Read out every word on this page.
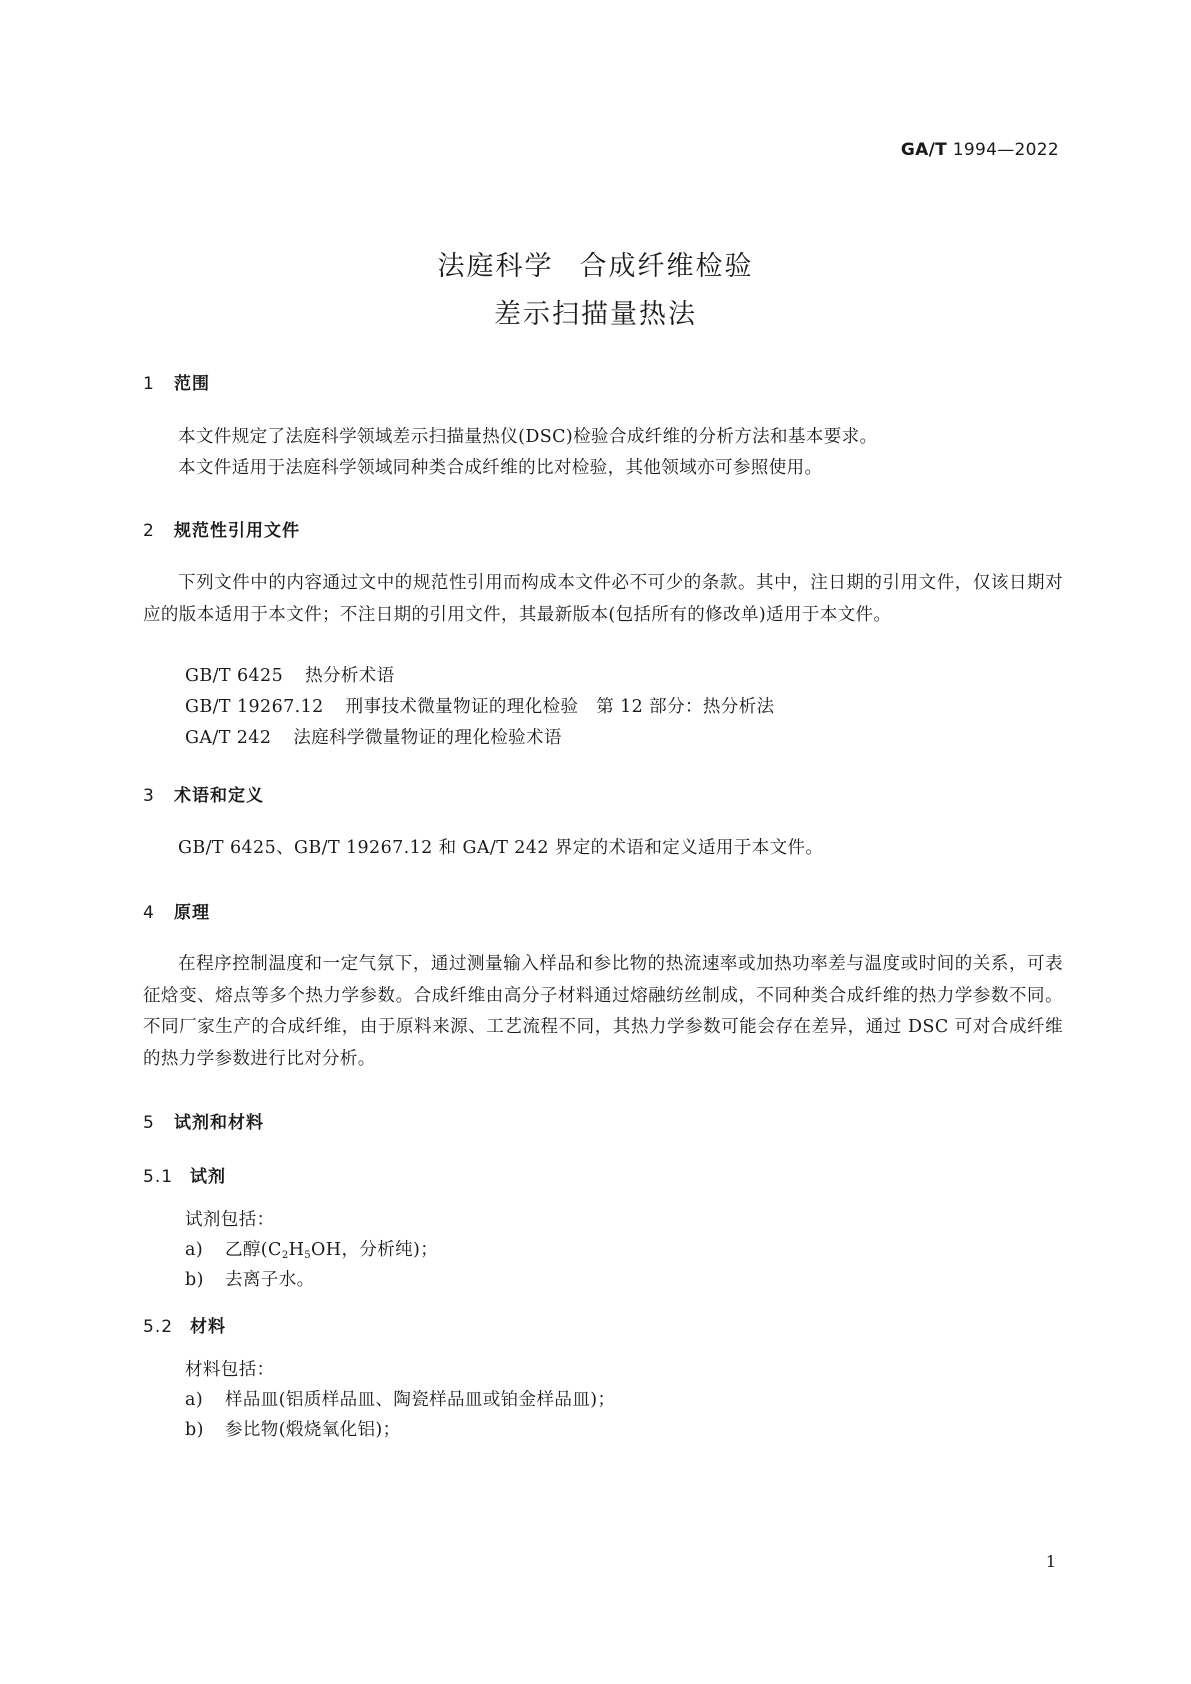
GA/T 1994—2022
法庭科学 合成纤维检验
差示扫描量热法
1 范围
本文件规定了法庭科学领域差示扫描量热仪(DSC)检验合成纤维的分析方法和基本要求。
本文件适用于法庭科学领域同种类合成纤维的比对检验，其他领域亦可参照使用。
2 规范性引用文件
下列文件中的内容通过文中的规范性引用而构成本文件必不可少的条款。其中，注日期的引用文件，仅该日期对应的版本适用于本文件；不注日期的引用文件，其最新版本(包括所有的修改单)适用于本文件。
GB/T 6425 热分析术语
GB/T 19267.12 刑事技术微量物证的理化检验　第 12 部分：热分析法
GA/T 242 法庭科学微量物证的理化检验术语
3 术语和定义
GB/T 6425、GB/T 19267.12 和 GA/T 242 界定的术语和定义适用于本文件。
4 原理
在程序控制温度和一定气氛下，通过测量输入样品和参比物的热流速率或加热功率差与温度或时间的关系，可表征焓变、熔点等多个热力学参数。合成纤维由高分子材料通过熔融纺丝制成，不同种类合成纤维的热力学参数不同。不同厂家生产的合成纤维，由于原料来源、工艺流程不同，其热力学参数可能会存在差异，通过 DSC 可对合成纤维的热力学参数进行比对分析。
5 试剂和材料
5.1 试剂
试剂包括：
a) 乙醇($C_2H_5OH$，分析纯)；
b) 去离子水。
5.2 材料
材料包括：
a) 样品皿(铝质样品皿、陶瓷样品皿或铂金样品皿)；
b) 参比物(煅烧氧化铝)；
1
